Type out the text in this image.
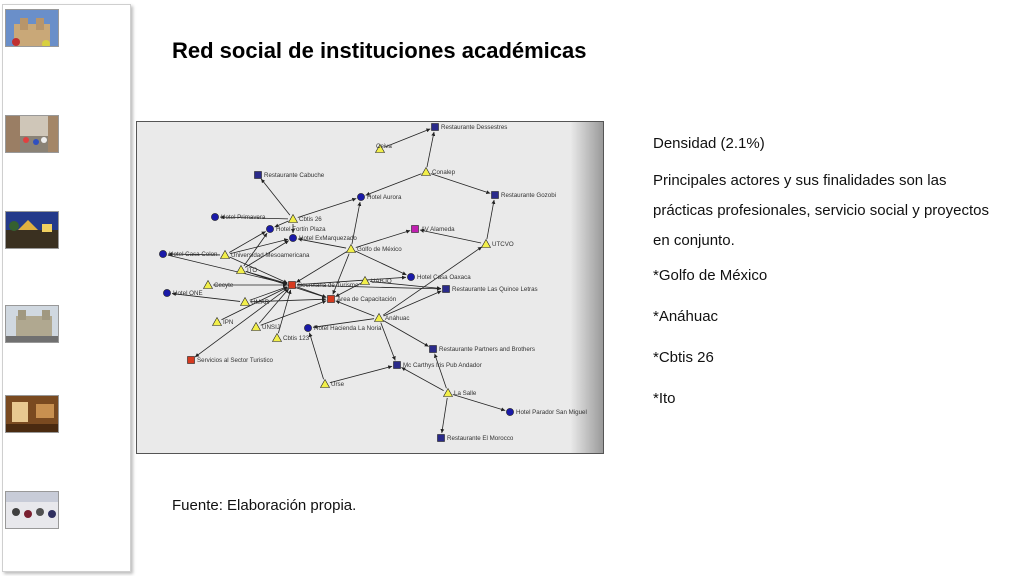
Red social de instituciones académicas
Restaurante Dessestres
Ceiva
Conalep
Restaurante Cabuche
Hotel Aurora	Restaurante Gozobi
Hotel Primavera	Cbtis 26
Hotel Fortín Plaza
Hotel ExMarquezado
AV Alameda
Golfo de México
UTCVO
Hotel Casa Colon Universidad Mesoamericana
ITO
Hotel Casa Oaxaca
Cecyte	Secretaria de Turismo
UABJO
Restaurante Las Quince Letras
Hotel ONE
UMAR	Area de Capacitación
IPN
UNSIJ
Anáhuac
Hotel Hacienda La Noria
Cbtis 123
Restaurante Partners and Brothers
Servicios al Sector Turistico
Mc Carthys Iris Pub Andador
Urse
La Salle
Hotel Parador San Miguel
Restaurante El Morocco

Densidad (2.1%)

Principales actores y sus finalidades son las prácticas profesionales, servicio social y proyectos en conjunto.

*Golfo de México

*Anáhuac

*Cbtis 26

*Ito

Fuente: Elaboración propia.
